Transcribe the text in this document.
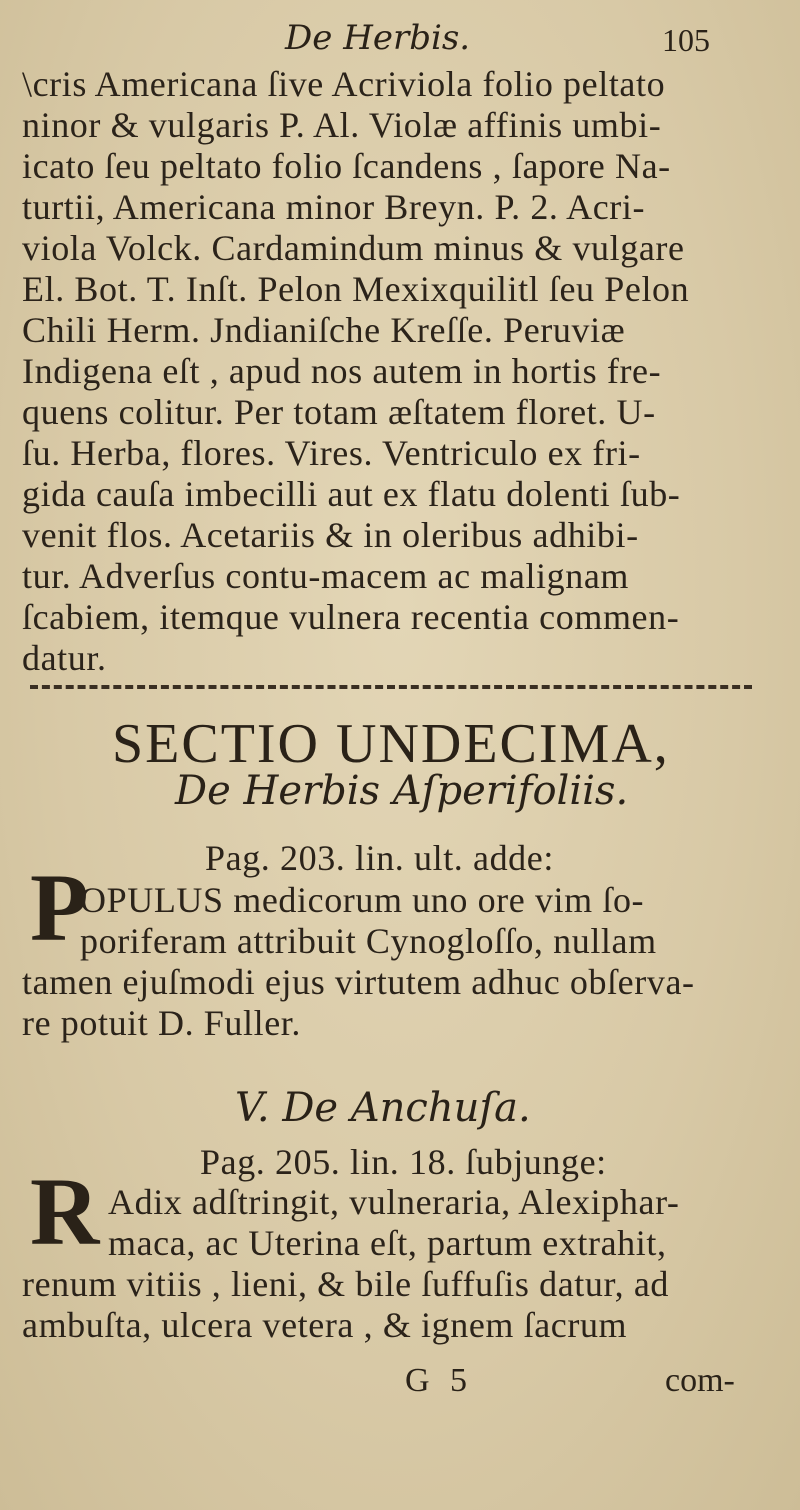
De Herbis.	105
\cris Americana ſive Acriviola folio peltato
ninor & vulgaris P. Al. Violæ affinis umbi-
icato ſeu peltato folio ſcandens , ſapore Na-
turtii, Americana minor Breyn. P. 2. Acri-
viola Volck. Cardamindum minus & vulgare
El. Bot. T. Inſt. Pelon Mexixquilitl ſeu Pelon
Chili Herm. Jndianiſche Kreſſe. Peruviæ
Indigena eſt , apud nos autem in hortis fre-
quens colitur. Per totam æſtatem floret. U-
ſu. Herba, flores. Vires. Ventriculo ex fri-
gida cauſa imbecilli aut ex flatu dolenti ſub-
venit flos. Acetariis & in oleribus adhibi-
tur. Adverſus contu-macem ac malignam
ſcabiem, itemque vulnera recentia commen-
datur.
SECTIO UNDECIMA,
De Herbis Aſperifoliis.
Pag. 203. lin. ult. adde:
P
OPULUS medicorum uno ore vim ſo-
poriferam attribuit Cynogloſſo, nullam
tamen ejuſmodi ejus virtutem adhuc obſerva-
re potuit D. Fuller.
V. De Anchuſa.
Pag. 205. lin. 18. ſubjunge:
R Adix adſtringit, vulneraria, Alexiphar-
maca, ac Uterina eſt, partum extrahit,
renum vitiis , lieni, & bile ſuffuſis datur, ad
ambuſta, ulcera vetera , & ignem ſacrum
G 5	com-
